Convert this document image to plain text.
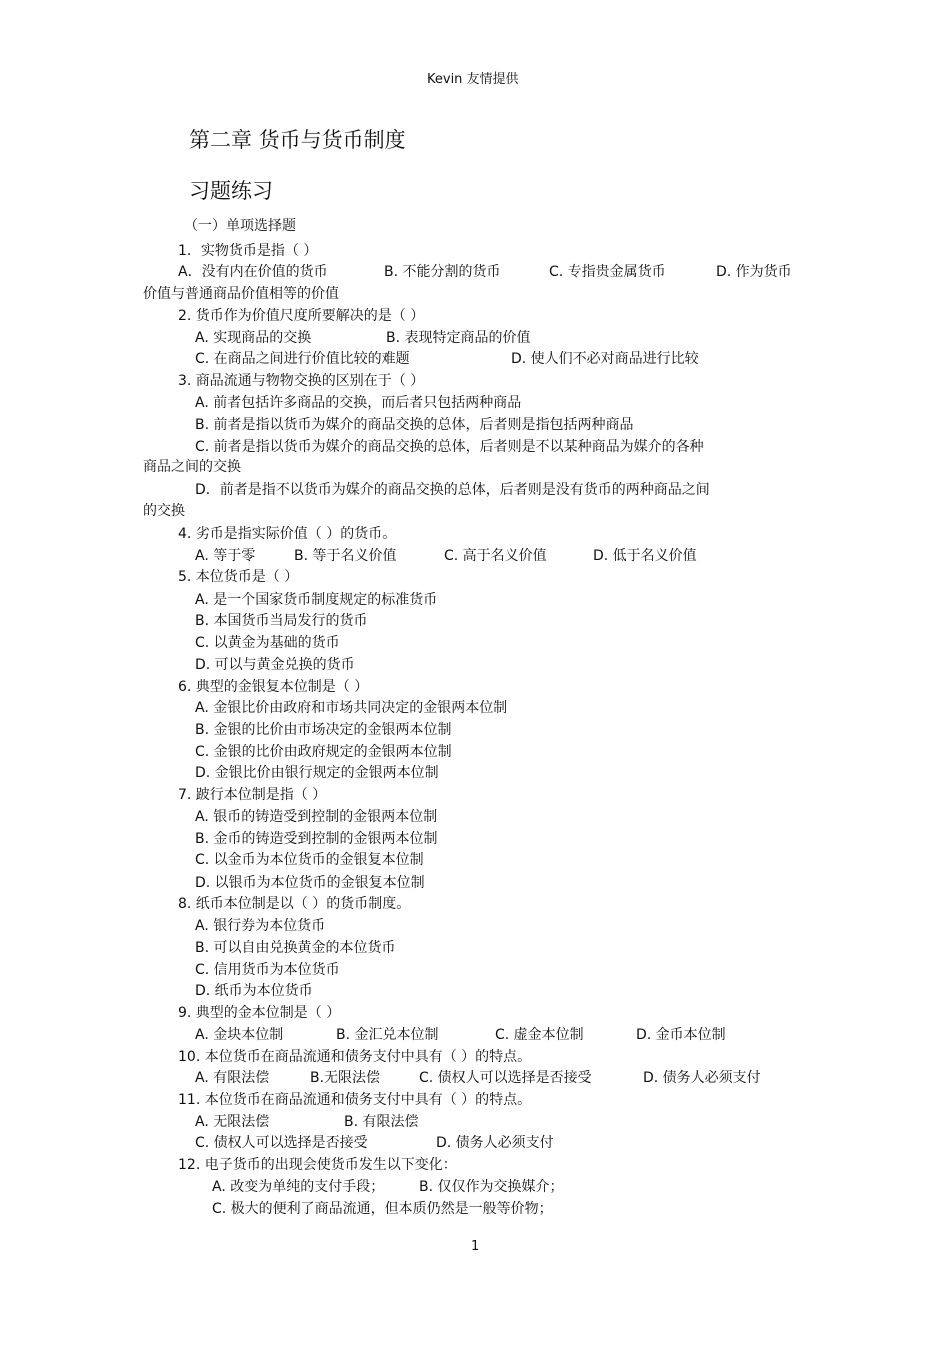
Kevin 友情提供
第二章 货币与货币制度
习题练习
（一）单项选择题
1．实物货币是指（ ）
A．没有内在价值的货币	B. 不能分割的货币	C. 专指贵金属货币	D. 作为货币
价值与普通商品价值相等的价值
2. 货币作为价值尺度所要解决的是（ ）
A. 实现商品的交换	B. 表现特定商品的价值
C. 在商品之间进行价值比较的难题	D. 使人们不必对商品进行比较
3. 商品流通与物物交换的区别在于（ ）
A. 前者包括许多商品的交换，而后者只包括两种商品
B. 前者是指以货币为媒介的商品交换的总体，后者则是指包括两种商品
C. 前者是指以货币为媒介的商品交换的总体，后者则是不以某种商品为媒介的各种
商品之间的交换
D．前者是指不以货币为媒介的商品交换的总体，后者则是没有货币的两种商品之间
的交换
4. 劣币是指实际价值（ ）的货币。
A. 等于零	B. 等于名义价值	C. 高于名义价值	D. 低于名义价值
5. 本位货币是（ ）
A. 是一个国家货币制度规定的标准货币
B. 本国货币当局发行的货币
C. 以黄金为基础的货币
D. 可以与黄金兑换的货币
6. 典型的金银复本位制是（ ）
A. 金银比价由政府和市场共同决定的金银两本位制
B. 金银的比价由市场决定的金银两本位制
C. 金银的比价由政府规定的金银两本位制
D. 金银比价由银行规定的金银两本位制
7. 跛行本位制是指（ ）
A. 银币的铸造受到控制的金银两本位制
B. 金币的铸造受到控制的金银两本位制
C. 以金币为本位货币的金银复本位制
D. 以银币为本位货币的金银复本位制
8. 纸币本位制是以（ ）的货币制度。
A. 银行券为本位货币
B. 可以自由兑换黄金的本位货币
C. 信用货币为本位货币
D. 纸币为本位货币
9. 典型的金本位制是（ ）
A. 金块本位制	B. 金汇兑本位制	C. 虚金本位制	D. 金币本位制
10. 本位货币在商品流通和债务支付中具有（ ）的特点。
A. 有限法偿	B.无限法偿	C. 债权人可以选择是否接受	D. 债务人必须支付
11. 本位货币在商品流通和债务支付中具有（ ）的特点。
A. 无限法偿	B. 有限法偿
C. 债权人可以选择是否接受	D. 债务人必须支付
12. 电子货币的出现会使货币发生以下变化：
A. 改变为单纯的支付手段； B. 仅仅作为交换媒介；
C. 极大的便利了商品流通，但本质仍然是一般等价物；
1
